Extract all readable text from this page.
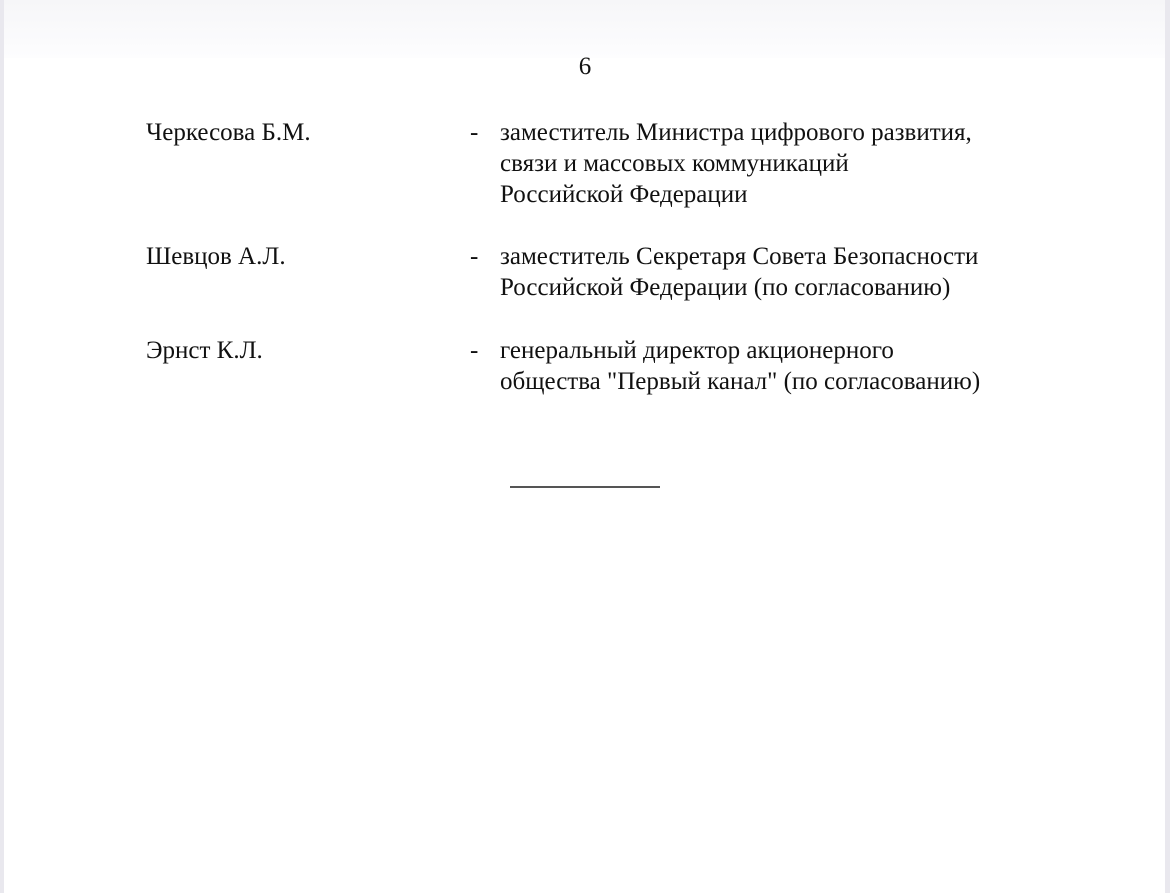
6
Черкесова Б.М.	- заместитель Министра цифрового развития,
связи и массовых коммуникаций
Российской Федерации
Шевцов А.Л.	- заместитель Секретаря Совета Безопасности
Российской Федерации (по согласованию)
Эрнст К.Л.	- генеральный директор акционерного
общества "Первый канал" (по согласованию)
